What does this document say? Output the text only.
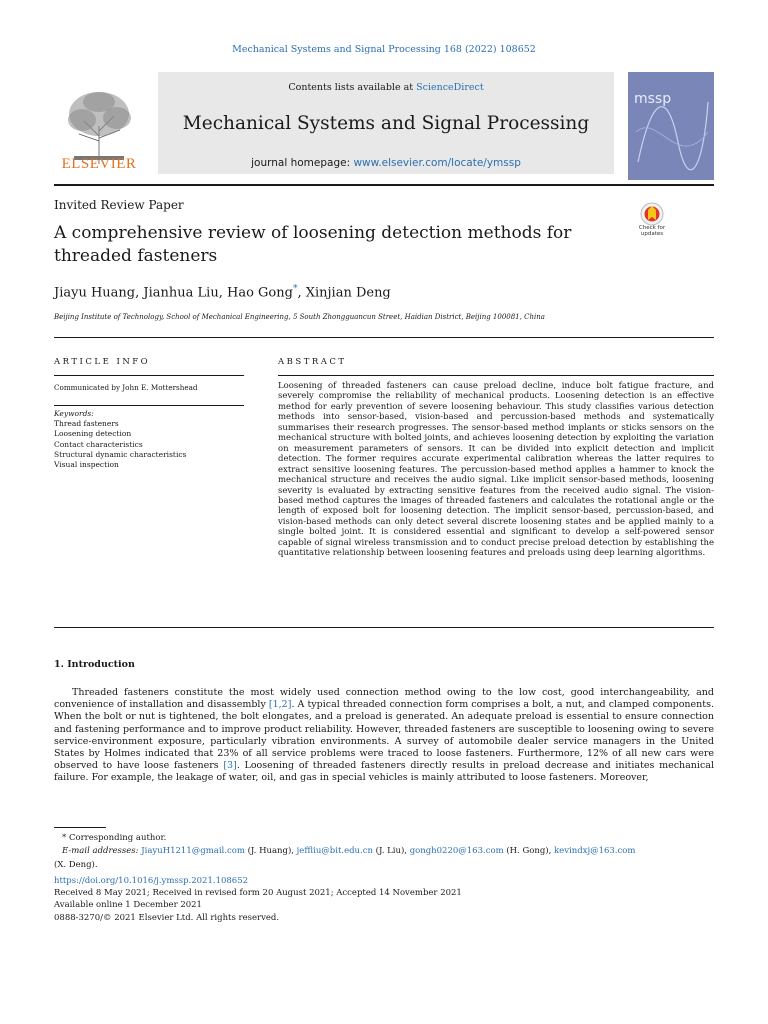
Mechanical Systems and Signal Processing 168 (2022) 108652
ELSEVIER
Contents lists available at ScienceDirect
Mechanical Systems and Signal Processing
journal homepage: www.elsevier.com/locate/ymssp
mssp
Invited Review Paper
Check for
updates
A comprehensive review of loosening detection methods for
threaded fasteners
Jiayu Huang, Jianhua Liu, Hao Gong*, Xinjian Deng
Beijing Institute of Technology, School of Mechanical Engineering, 5 South Zhongguancun Street, Haidian District, Beijing 100081, China
ARTICLE INFO
Communicated by John E. Mottershead
Keywords:
Thread fasteners
Loosening detection
Contact characteristics
Structural dynamic characteristics
Visual inspection
ABSTRACT
Loosening of threaded fasteners can cause preload decline, induce bolt fatigue fracture, and severely compromise the reliability of mechanical products. Loosening detection is an effective method for early prevention of severe loosening behaviour. This study classifies various detection methods into sensor-based, vision-based and percussion-based methods and systematically summarises their research progresses. The sensor-based method implants or sticks sensors on the mechanical structure with bolted joints, and achieves loosening detection by exploiting the variation on measurement parameters of sensors. It can be divided into explicit detection and implicit detection. The former requires accurate experimental calibration whereas the latter requires to extract sensitive loosening features. The percussion-based method applies a hammer to knock the mechanical structure and receives the audio signal. Like implicit sensor-based methods, loosening severity is evaluated by extracting sensitive features from the received audio signal. The vision-based method captures the images of threaded fasteners and calculates the rotational angle or the length of exposed bolt for loosening detection. The implicit sensor-based, percussion-based, and vision-based methods can only detect several discrete loosening states and be applied mainly to a single bolted joint. It is considered essential and significant to develop a self-powered sensor capable of signal wireless transmission and to conduct precise preload detection by establishing the quantitative relationship between loosening features and preloads using deep learning algorithms.
1. Introduction
Threaded fasteners constitute the most widely used connection method owing to the low cost, good interchangeability, and convenience of installation and disassembly [1,2]. A typical threaded connection form comprises a bolt, a nut, and clamped components. When the bolt or nut is tightened, the bolt elongates, and a preload is generated. An adequate preload is essential to ensure connection and fastening performance and to improve product reliability. However, threaded fasteners are susceptible to loosening owing to severe service-environment exposure, particularly vibration environments. A survey of automobile dealer service managers in the United States by Holmes indicated that 23% of all service problems were traced to loose fasteners. Furthermore, 12% of all new cars were observed to have loose fasteners [3]. Loosening of threaded fasteners directly results in preload decrease and initiates mechanical failure. For example, the leakage of water, oil, and gas in special vehicles is mainly attributed to loose fasteners. Moreover,
* Corresponding author.
E-mail addresses: JiayuH1211@gmail.com (J. Huang), jeffliu@bit.edu.cn (J. Liu), gongh0220@163.com (H. Gong), kevindxj@163.com
(X. Deng).
https://doi.org/10.1016/j.ymssp.2021.108652
Received 8 May 2021; Received in revised form 20 August 2021; Accepted 14 November 2021
Available online 1 December 2021
0888-3270/© 2021 Elsevier Ltd. All rights reserved.
